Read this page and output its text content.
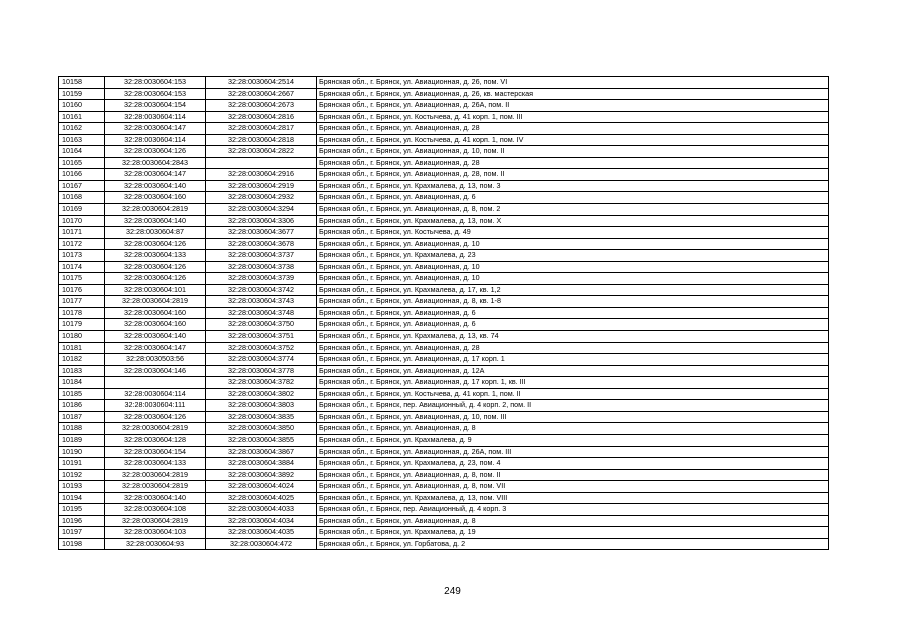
10158	32:28:0030604:153	32:28:0030604:2514	Брянская обл., г. Брянск, ул. Авиационная, д. 26, пом. VI
10159	32:28:0030604:153	32:28:0030604:2667	Брянская обл., г. Брянск, ул. Авиационная, д. 26, кв. мастерская
10160	32:28:0030604:154	32:28:0030604:2673	Брянская обл., г. Брянск, ул. Авиационная, д. 26А, пом. II
10161	32:28:0030604:114	32:28:0030604:2816	Брянская обл., г. Брянск, ул. Костычева, д. 41 корп. 1, пом. III
10162	32:28:0030604:147	32:28:0030604:2817	Брянская обл., г. Брянск, ул. Авиационная, д. 28
10163	32:28:0030604:114	32:28:0030604:2818	Брянская обл., г. Брянск, ул. Костычева, д. 41 корп. 1, пом. IV
10164	32:28:0030604:126	32:28:0030604:2822	Брянская обл., г. Брянск, ул. Авиационная, д. 10, пом. II
10165	32:28:0030604:2843		Брянская обл., г. Брянск, ул. Авиационная, д. 28
10166	32:28:0030604:147	32:28:0030604:2916	Брянская обл., г. Брянск, ул. Авиационная, д. 28, пом. II
10167	32:28:0030604:140	32:28:0030604:2919	Брянская обл., г. Брянск, ул. Крахмалева, д. 13, пом. 3
10168	32:28:0030604:160	32:28:0030604:2932	Брянская обл., г. Брянск, ул. Авиационная, д. 6
10169	32:28:0030604:2819	32:28:0030604:3294	Брянская обл., г. Брянск, ул. Авиационная, д. 8, пом. 2
10170	32:28:0030604:140	32:28:0030604:3306	Брянская обл., г. Брянск, ул. Крахмалева, д. 13, пом. X
10171	32:28:0030604:87	32:28:0030604:3677	Брянская обл., г. Брянск, ул. Костычева, д. 49
10172	32:28:0030604:126	32:28:0030604:3678	Брянская обл., г. Брянск, ул. Авиационная, д. 10
10173	32:28:0030604:133	32:28:0030604:3737	Брянская обл., г. Брянск, ул. Крахмалева, д. 23
10174	32:28:0030604:126	32:28:0030604:3738	Брянская обл., г. Брянск, ул. Авиационная, д. 10
10175	32:28:0030604:126	32:28:0030604:3739	Брянская обл., г. Брянск, ул. Авиационная, д. 10
10176	32:28:0030604:101	32:28:0030604:3742	Брянская обл., г. Брянск, ул. Крахмалева, д. 17, кв. 1,2
10177	32:28:0030604:2819	32:28:0030604:3743	Брянская обл., г. Брянск, ул. Авиационная, д. 8, кв. 1-8
10178	32:28:0030604:160	32:28:0030604:3748	Брянская обл., г. Брянск, ул. Авиационная, д. 6
10179	32:28:0030604:160	32:28:0030604:3750	Брянская обл., г. Брянск, ул. Авиационная, д. 6
10180	32:28:0030604:140	32:28:0030604:3751	Брянская обл., г. Брянск, ул. Крахмалева, д. 13, кв. 74
10181	32:28:0030604:147	32:28:0030604:3752	Брянская обл., г. Брянск, ул. Авиационная, д. 28
10182	32:28:0030503:56	32:28:0030604:3774	Брянская обл., г. Брянск, ул. Авиационная, д. 17 корп. 1
10183	32:28:0030604:146	32:28:0030604:3778	Брянская обл., г. Брянск, ул. Авиационная, д. 12А
10184		32:28:0030604:3782	Брянская обл., г. Брянск, ул. Авиационная, д. 17 корп. 1, кв. III
10185	32:28:0030604:114	32:28:0030604:3802	Брянская обл., г. Брянск, ул. Костычева, д. 41 корп. 1, пом. II
10186	32:28:0030604:111	32:28:0030604:3803	Брянская обл., г. Брянск, пер. Авиационный, д. 4 корп. 2, пом. II
10187	32:28:0030604:126	32:28:0030604:3835	Брянская обл., г. Брянск, ул. Авиационная, д. 10, пом. III
10188	32:28:0030604:2819	32:28:0030604:3850	Брянская обл., г. Брянск, ул. Авиационная, д. 8
10189	32:28:0030604:128	32:28:0030604:3855	Брянская обл., г. Брянск, ул. Крахмалева, д. 9
10190	32:28:0030604:154	32:28:0030604:3867	Брянская обл., г. Брянск, ул. Авиационная, д. 26А, пом. III
10191	32:28:0030604:133	32:28:0030604:3884	Брянская обл., г. Брянск, ул. Крахмалева, д. 23, пом. 4
10192	32:28:0030604:2819	32:28:0030604:3892	Брянская обл., г. Брянск, ул. Авиационная, д. 8, пом. II
10193	32:28:0030604:2819	32:28:0030604:4024	Брянская обл., г. Брянск, ул. Авиационная, д. 8, пом. VII
10194	32:28:0030604:140	32:28:0030604:4025	Брянская обл., г. Брянск, ул. Крахмалева, д. 13, пом. VIII
10195	32:28:0030604:108	32:28:0030604:4033	Брянская обл., г. Брянск, пер. Авиационный, д. 4 корп. 3
10196	32:28:0030604:2819	32:28:0030604:4034	Брянская обл., г. Брянск, ул. Авиационная, д. 8
10197	32:28:0030604:103	32:28:0030604:4035	Брянская обл., г. Брянск, ул. Крахмалева, д. 19
10198	32:28:0030604:93	32:28:0030604:472	Брянская обл., г. Брянск, ул. Горбатова, д. 2
249
